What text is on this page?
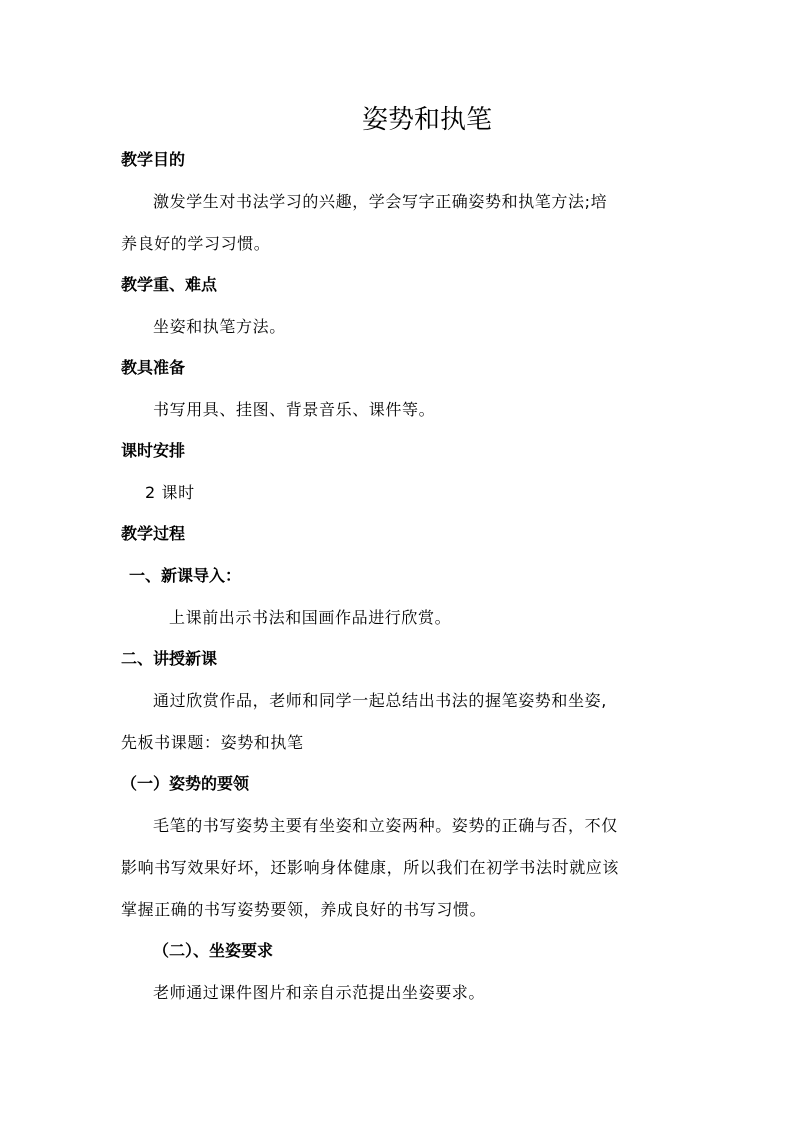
姿势和执笔
教学目的
激发学生对书法学习的兴趣，学会写字正确姿势和执笔方法;培
养良好的学习习惯。
教学重、难点
坐姿和执笔方法。
教具准备
书写用具、挂图、背景音乐、课件等。
课时安排
2 课时
教学过程
一、新课导入：
上课前出示书法和国画作品进行欣赏。
二、讲授新课
通过欣赏作品，老师和同学一起总结出书法的握笔姿势和坐姿,
先板书课题：姿势和执笔
（一）姿势的要领
毛笔的书写姿势主要有坐姿和立姿两种。姿势的正确与否，不仅
影响书写效果好坏，还影响身体健康，所以我们在初学书法时就应该
掌握正确的书写姿势要领，养成良好的书写习惯。
（二）、坐姿要求
老师通过课件图片和亲自示范提出坐姿要求。
